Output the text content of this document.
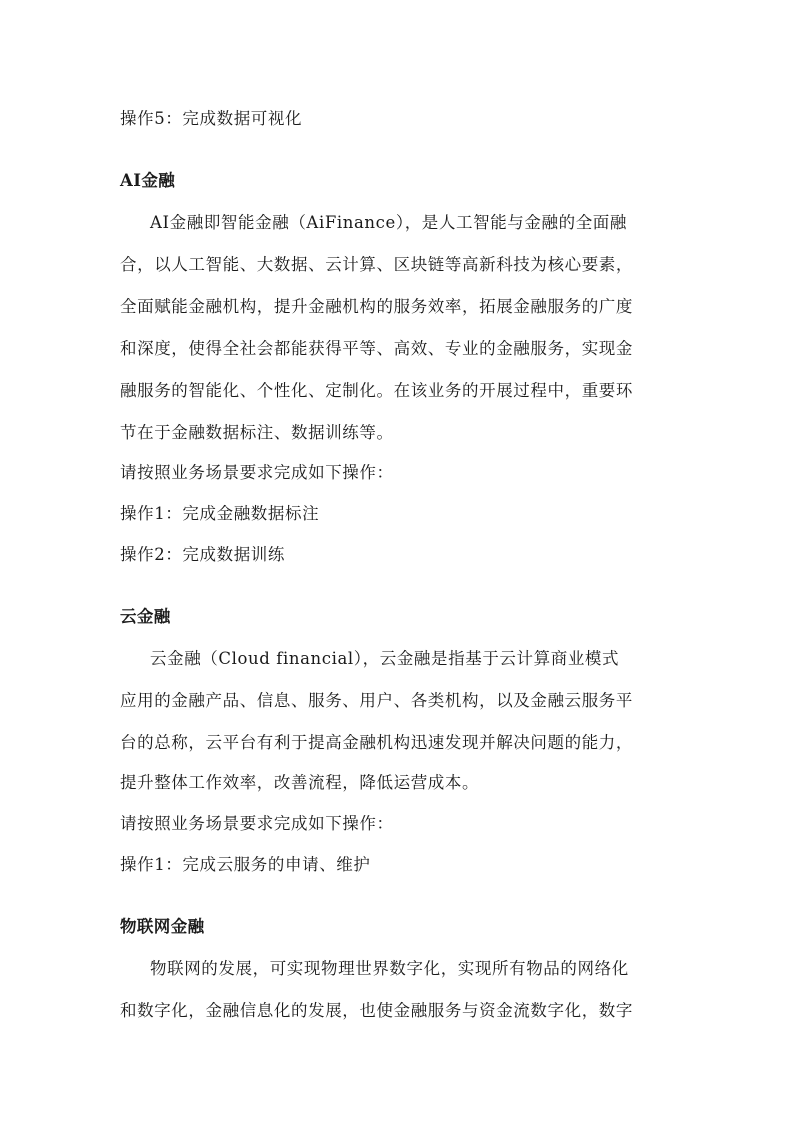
操作5：完成数据可视化
AI金融
AI金融即智能金融（AiFinance），是人工智能与金融的全面融
合，以人工智能、大数据、云计算、区块链等高新科技为核心要素，
全面赋能金融机构，提升金融机构的服务效率，拓展金融服务的广度
和深度，使得全社会都能获得平等、高效、专业的金融服务，实现金
融服务的智能化、个性化、定制化。在该业务的开展过程中，重要环
节在于金融数据标注、数据训练等。
请按照业务场景要求完成如下操作：
操作1：完成金融数据标注
操作2：完成数据训练
云金融
云金融（Cloud financial），云金融是指基于云计算商业模式
应用的金融产品、信息、服务、用户、各类机构，以及金融云服务平
台的总称，云平台有利于提高金融机构迅速发现并解决问题的能力，
提升整体工作效率，改善流程，降低运营成本。
请按照业务场景要求完成如下操作：
操作1：完成云服务的申请、维护
物联网金融
物联网的发展，可实现物理世界数字化，实现所有物品的网络化
和数字化，金融信息化的发展，也使金融服务与资金流数字化，数字
